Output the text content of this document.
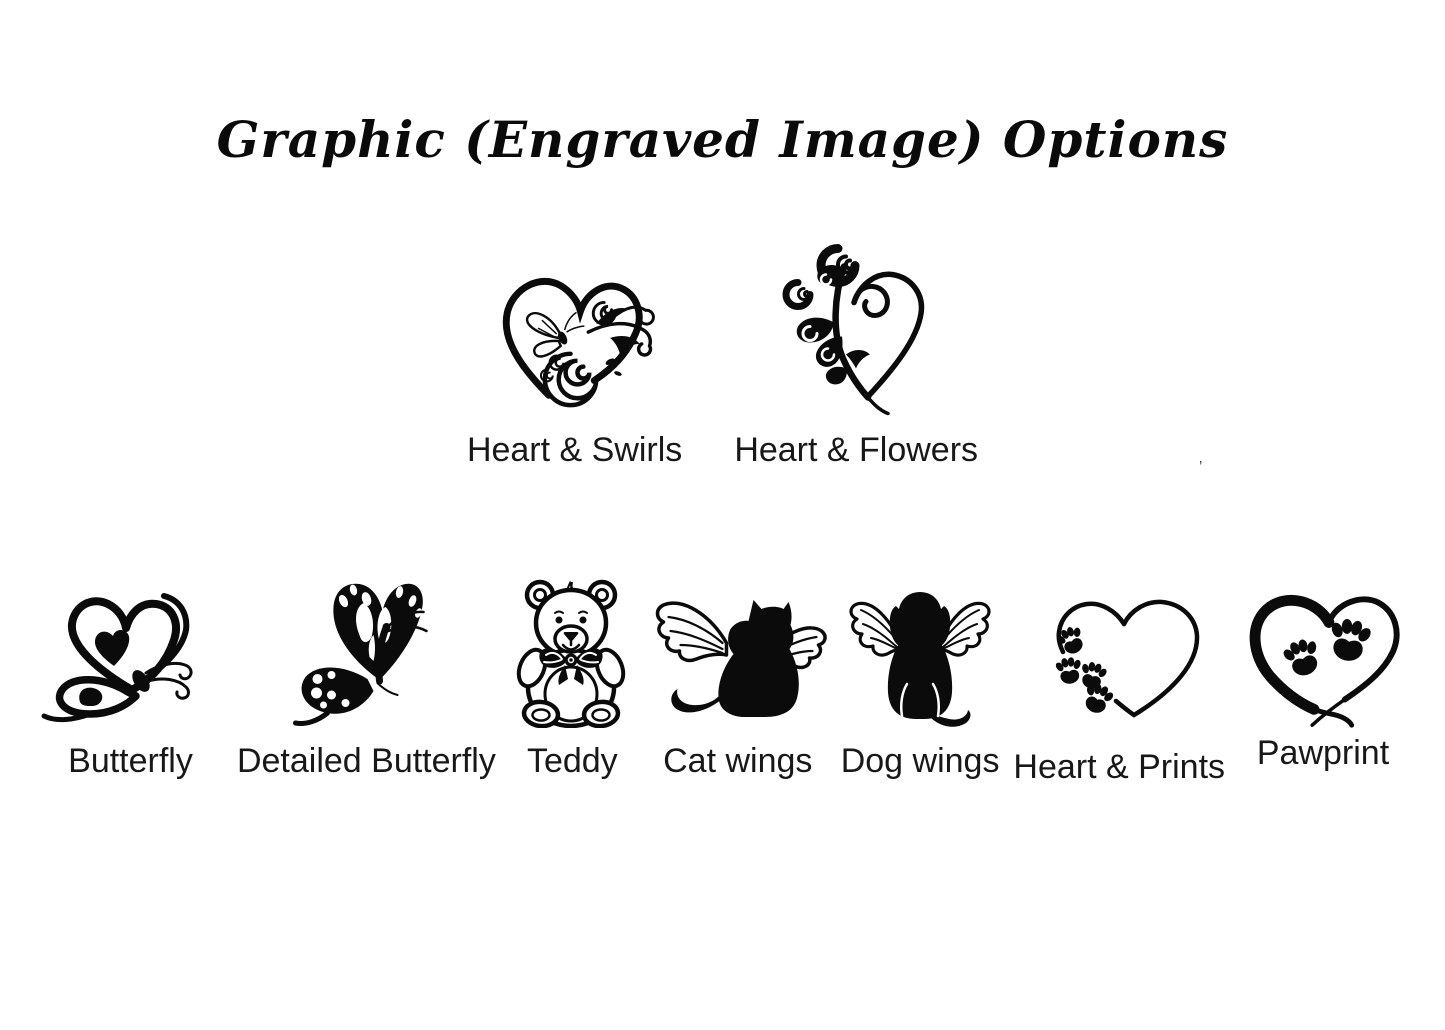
Graphic (Engraved Image) Options
Heart & Swirls Heart & Flowers
Butterfly Detailed Butterfly Teddy Cat wings Dog wings Heart & Prints Pawprint
’
